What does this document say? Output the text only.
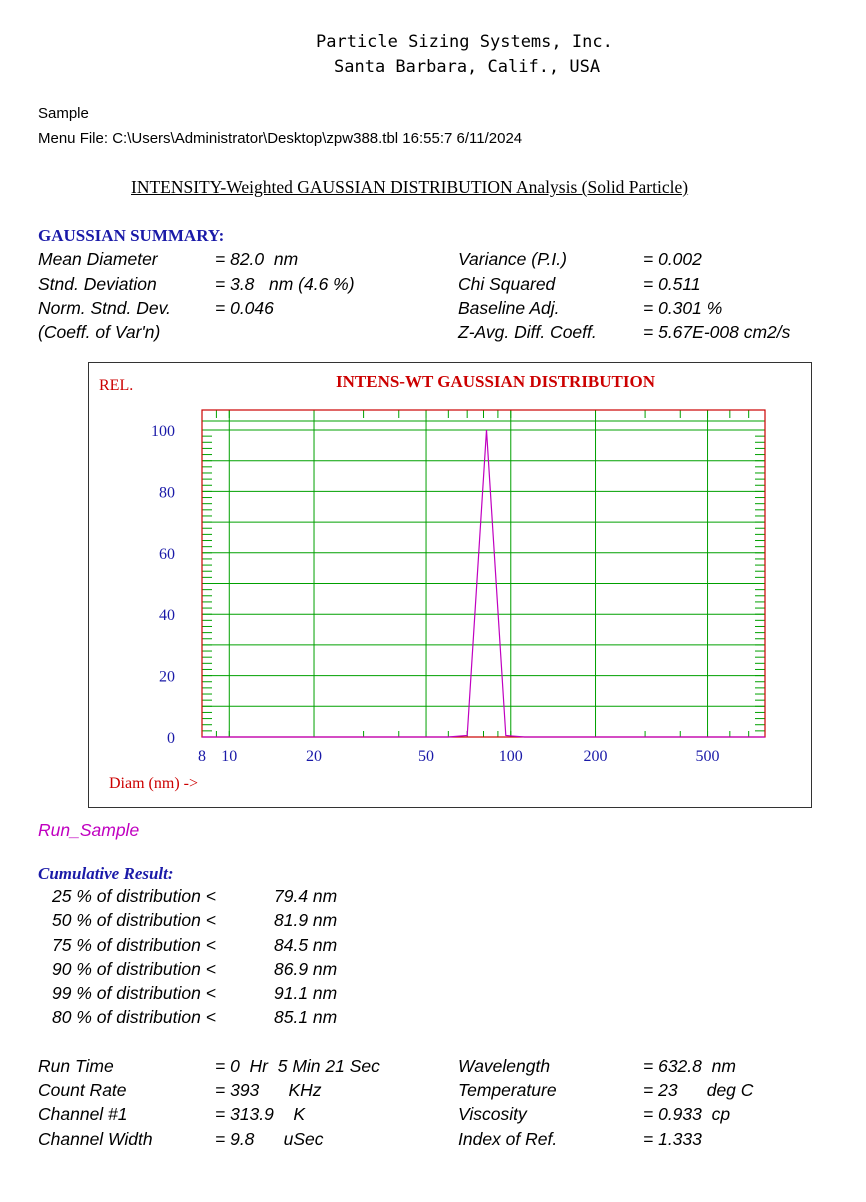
Particle Sizing Systems, Inc.
Santa Barbara, Calif., USA
Sample
Menu File: C:\Users\Administrator\Desktop\zpw388.tbl 16:55:7 6/11/2024
INTENSITY-Weighted GAUSSIAN DISTRIBUTION Analysis (Solid Particle)
GAUSSIAN SUMMARY:
Mean Diameter	= 82.0  nm
Stnd. Deviation	= 3.8   nm (4.6 %)
Norm. Stnd. Dev.	= 0.046
(Coeff. of Var'n)
Variance (P.I.)	= 0.002
Chi Squared	= 0.511
Baseline Adj.	= 0.301 %
Z-Avg. Diff. Coeff.	= 5.67E-008 cm2/s
REL.	INTENS-WT GAUSSIAN DISTRIBUTION
Diam (nm) ->
0
20
40
60
80
100
8 10	20	50	100	200	500
Run_Sample
Cumulative Result:
25 % of distribution <	79.4 nm
50 % of distribution <	81.9 nm
75 % of distribution <	84.5 nm
90 % of distribution <	86.9 nm
99 % of distribution <	91.1 nm
80 % of distribution <	85.1 nm
Run Time	= 0  Hr  5 Min 21 Sec
Count Rate	= 393      KHz
Channel #1	= 313.9    K
Channel Width	= 9.8      uSec
Wavelength	= 632.8  nm
Temperature	= 23      deg C
Viscosity	= 0.933  cp
Index of Ref.	= 1.333
